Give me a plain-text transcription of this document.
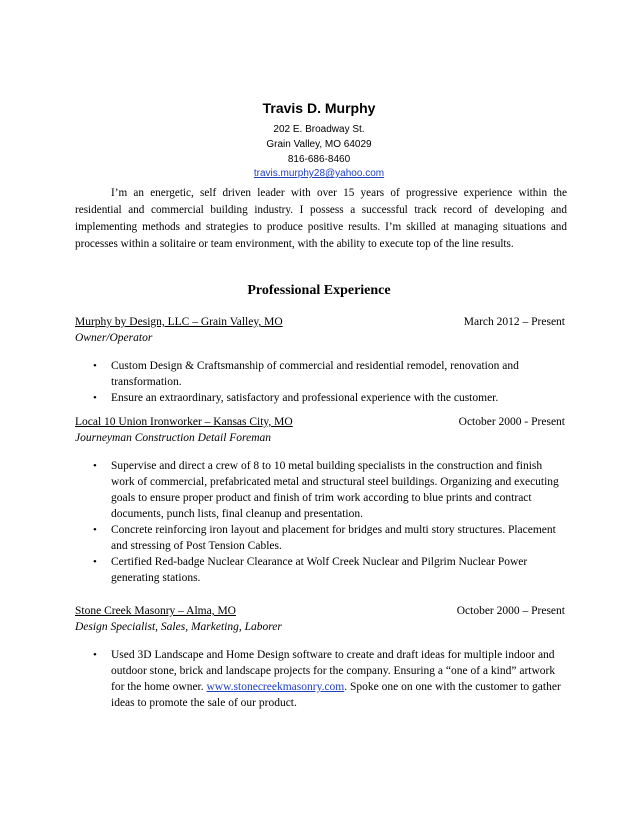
Travis D. Murphy
202 E. Broadway St.
Grain Valley, MO 64029
816-686-8460
travis.murphy28@yahoo.com

I’m an energetic, self driven leader with over 15 years of progressive experience within the residential and commercial building industry. I possess a successful track record of developing and implementing methods and strategies to produce positive results. I’m skilled at managing situations and processes within a solitaire or team environment, with the ability to execute top of the line results.

Professional Experience
Murphy by Design, LLC – Grain Valley, MO	March 2012 – Present
Owner/Operator
• Custom Design & Craftsmanship of commercial and residential remodel, renovation and transformation.
• Ensure an extraordinary, satisfactory and professional experience with the customer.
Local 10 Union Ironworker – Kansas City, MO	October 2000 - Present
Journeyman Construction Detail Foreman
• Supervise and direct a crew of 8 to 10 metal building specialists in the construction and finish work of commercial, prefabricated metal and structural steel buildings. Organizing and executing goals to ensure proper product and finish of trim work according to blue prints and contract documents, punch lists, final cleanup and presentation.
• Concrete reinforcing iron layout and placement for bridges and multi story structures. Placement and stressing of Post Tension Cables.
• Certified Red-badge Nuclear Clearance at Wolf Creek Nuclear and Pilgrim Nuclear Power generating stations.
Stone Creek Masonry – Alma, MO	October 2000 – Present
Design Specialist, Sales, Marketing, Laborer
• Used 3D Landscape and Home Design software to create and draft ideas for multiple indoor and outdoor stone, brick and landscape projects for the company. Ensuring a “one of a kind” artwork for the home owner. www.stonecreekmasonry.com. Spoke one on one with the customer to gather ideas to promote the sale of our product.
